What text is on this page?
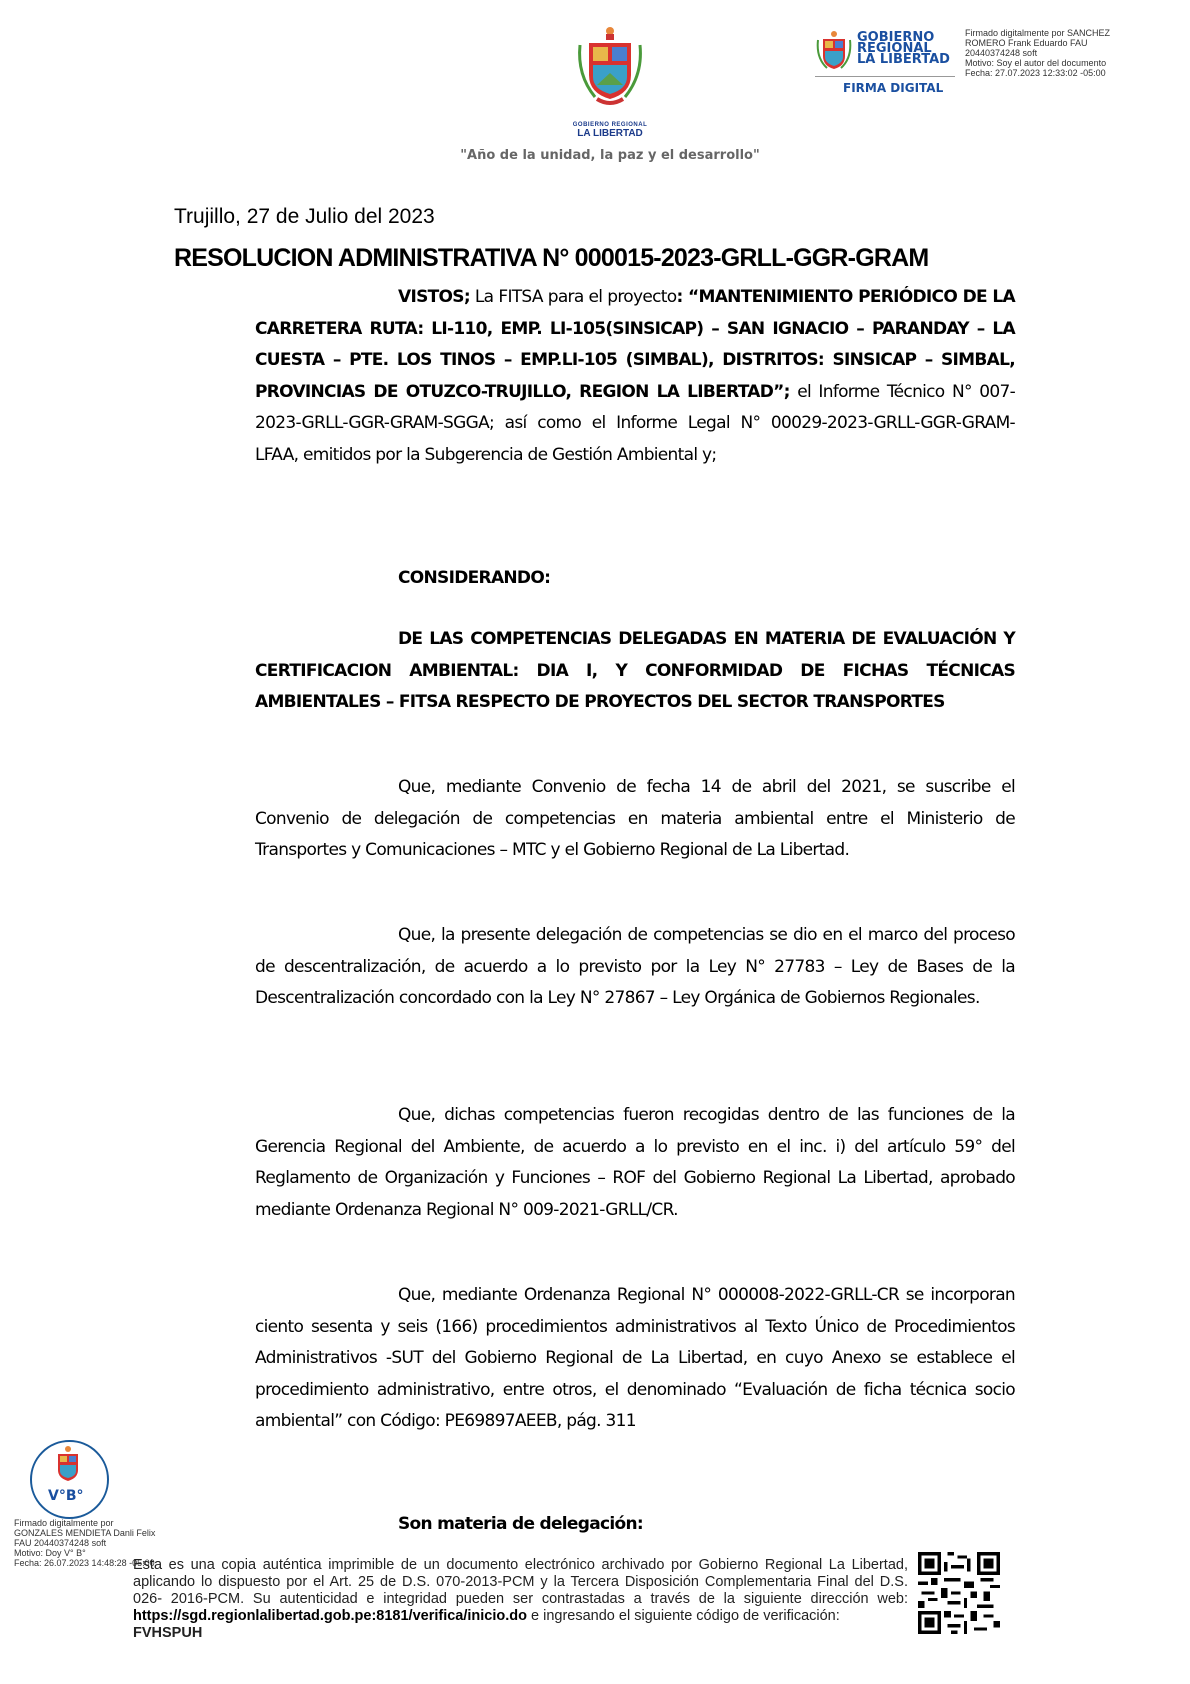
GOBIERNO REGIONAL
LA LIBERTAD
"Año de la unidad, la paz y el desarrollo"
GOBIERNO
REGIONAL
LA LIBERTAD
FIRMA DIGITAL
Firmado digitalmente por SANCHEZ
ROMERO Frank Eduardo FAU
20440374248 soft
Motivo: Soy el autor del documento
Fecha: 27.07.2023 12:33:02 -05:00
Trujillo, 27 de Julio del 2023
RESOLUCION ADMINISTRATIVA N° 000015-2023-GRLL-GGR-GRAM
VISTOS; La FITSA para el proyecto: “MANTENIMIENTO PERIÓDICO DE LA CARRETERA RUTA: LI-110, EMP. LI-105(SINSICAP) – SAN IGNACIO – PARANDAY – LA CUESTA – PTE. LOS TINOS – EMP.LI-105 (SIMBAL), DISTRITOS: SINSICAP – SIMBAL, PROVINCIAS DE OTUZCO-TRUJILLO, REGION LA LIBERTAD”; el Informe Técnico N° 007-2023-GRLL-GGR-GRAM-SGGA; así como el Informe Legal N° 00029-2023-GRLL-GGR-GRAM-LFAA, emitidos por la Subgerencia de Gestión Ambiental y;
CONSIDERANDO:
DE LAS COMPETENCIAS DELEGADAS EN MATERIA DE EVALUACIÓN Y CERTIFICACION AMBIENTAL: DIA I, Y CONFORMIDAD DE FICHAS TÉCNICAS AMBIENTALES – FITSA RESPECTO DE PROYECTOS DEL SECTOR TRANSPORTES
Que, mediante Convenio de fecha 14 de abril del 2021, se suscribe el Convenio de delegación de competencias en materia ambiental entre el Ministerio de Transportes y Comunicaciones – MTC y el Gobierno Regional de La Libertad.
Que, la presente delegación de competencias se dio en el marco del proceso de descentralización, de acuerdo a lo previsto por la Ley N° 27783 – Ley de Bases de la Descentralización concordado con la Ley N° 27867 – Ley Orgánica de Gobiernos Regionales.
Que, dichas competencias fueron recogidas dentro de las funciones de la Gerencia Regional del Ambiente, de acuerdo a lo previsto en el inc. i) del artículo 59° del Reglamento de Organización y Funciones – ROF del Gobierno Regional La Libertad, aprobado mediante Ordenanza Regional N° 009-2021-GRLL/CR.
Que, mediante Ordenanza Regional N° 000008-2022-GRLL-CR se incorporan ciento sesenta y seis (166) procedimientos administrativos al Texto Único de Procedimientos Administrativos -SUT del Gobierno Regional de La Libertad, en cuyo Anexo se establece el procedimiento administrativo, entre otros, el denominado “Evaluación de ficha técnica socio ambiental” con Código: PE69897AEEB, pág. 311
Son materia de delegación:
V°B°
Firmado digitalmente por
GONZALES MENDIETA Danli Felix
FAU 20440374248 soft
Motivo: Doy V° B°
Fecha: 26.07.2023 14:48:28 -05:00
Esta es una copia auténtica imprimible de un documento electrónico archivado por Gobierno Regional La Libertad, aplicando lo dispuesto por el Art. 25 de D.S. 070-2013-PCM y la Tercera Disposición Complementaria Final del D.S. 026- 2016-PCM. Su autenticidad e integridad pueden ser contrastadas a través de la siguiente dirección web: https://sgd.regionlalibertad.gob.pe:8181/verifica/inicio.do e ingresando el siguiente código de verificación:
FVHSPUH
